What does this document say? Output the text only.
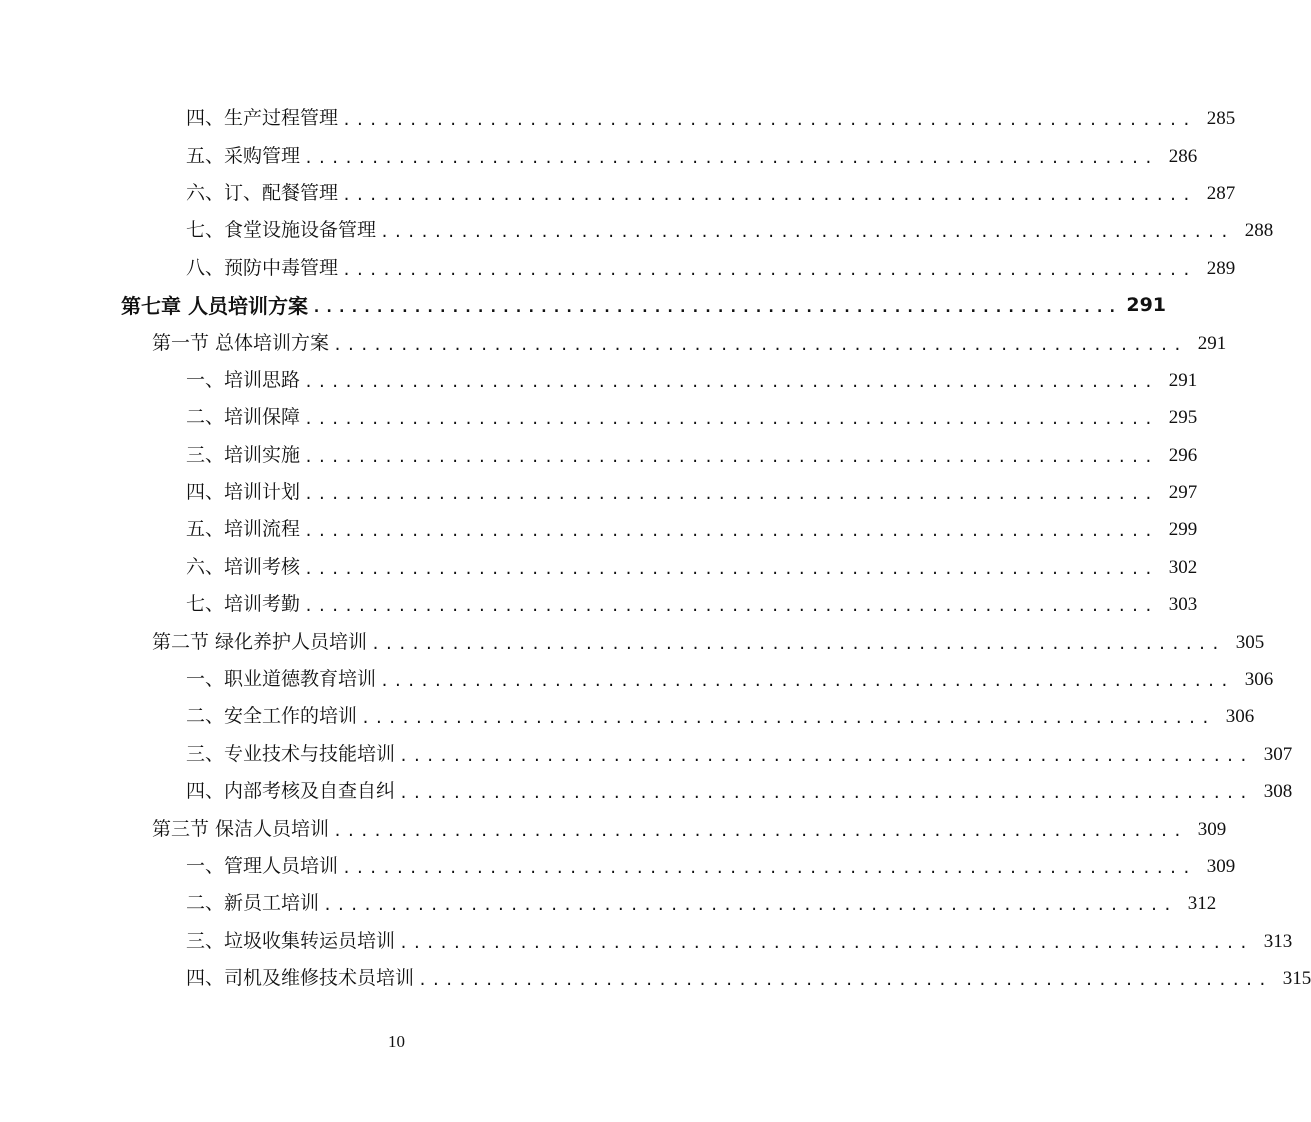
四、生产过程管理 ................................................................ 285
五、采购管理 ................................................................ 286
六、订、配餐管理 ................................................................ 287
七、食堂设施设备管理 ................................................................ 288
八、预防中毒管理 ................................................................ 289
第七章 人员培训方案 ................................................................ 291
第一节 总体培训方案 ................................................................ 291
一、培训思路 ................................................................ 291
二、培训保障 ................................................................ 295
三、培训实施 ................................................................ 296
四、培训计划 ................................................................ 297
五、培训流程 ................................................................ 299
六、培训考核 ................................................................ 302
七、培训考勤 ................................................................ 303
第二节 绿化养护人员培训 ................................................................ 305
一、职业道德教育培训 ................................................................ 306
二、安全工作的培训 ................................................................ 306
三、专业技术与技能培训 ................................................................ 307
四、内部考核及自查自纠 ................................................................ 308
第三节 保洁人员培训 ................................................................ 309
一、管理人员培训 ................................................................ 309
二、新员工培训 ................................................................ 312
三、垃圾收集转运员培训 ................................................................ 313
四、司机及维修技术员培训 ................................................................ 315
10
